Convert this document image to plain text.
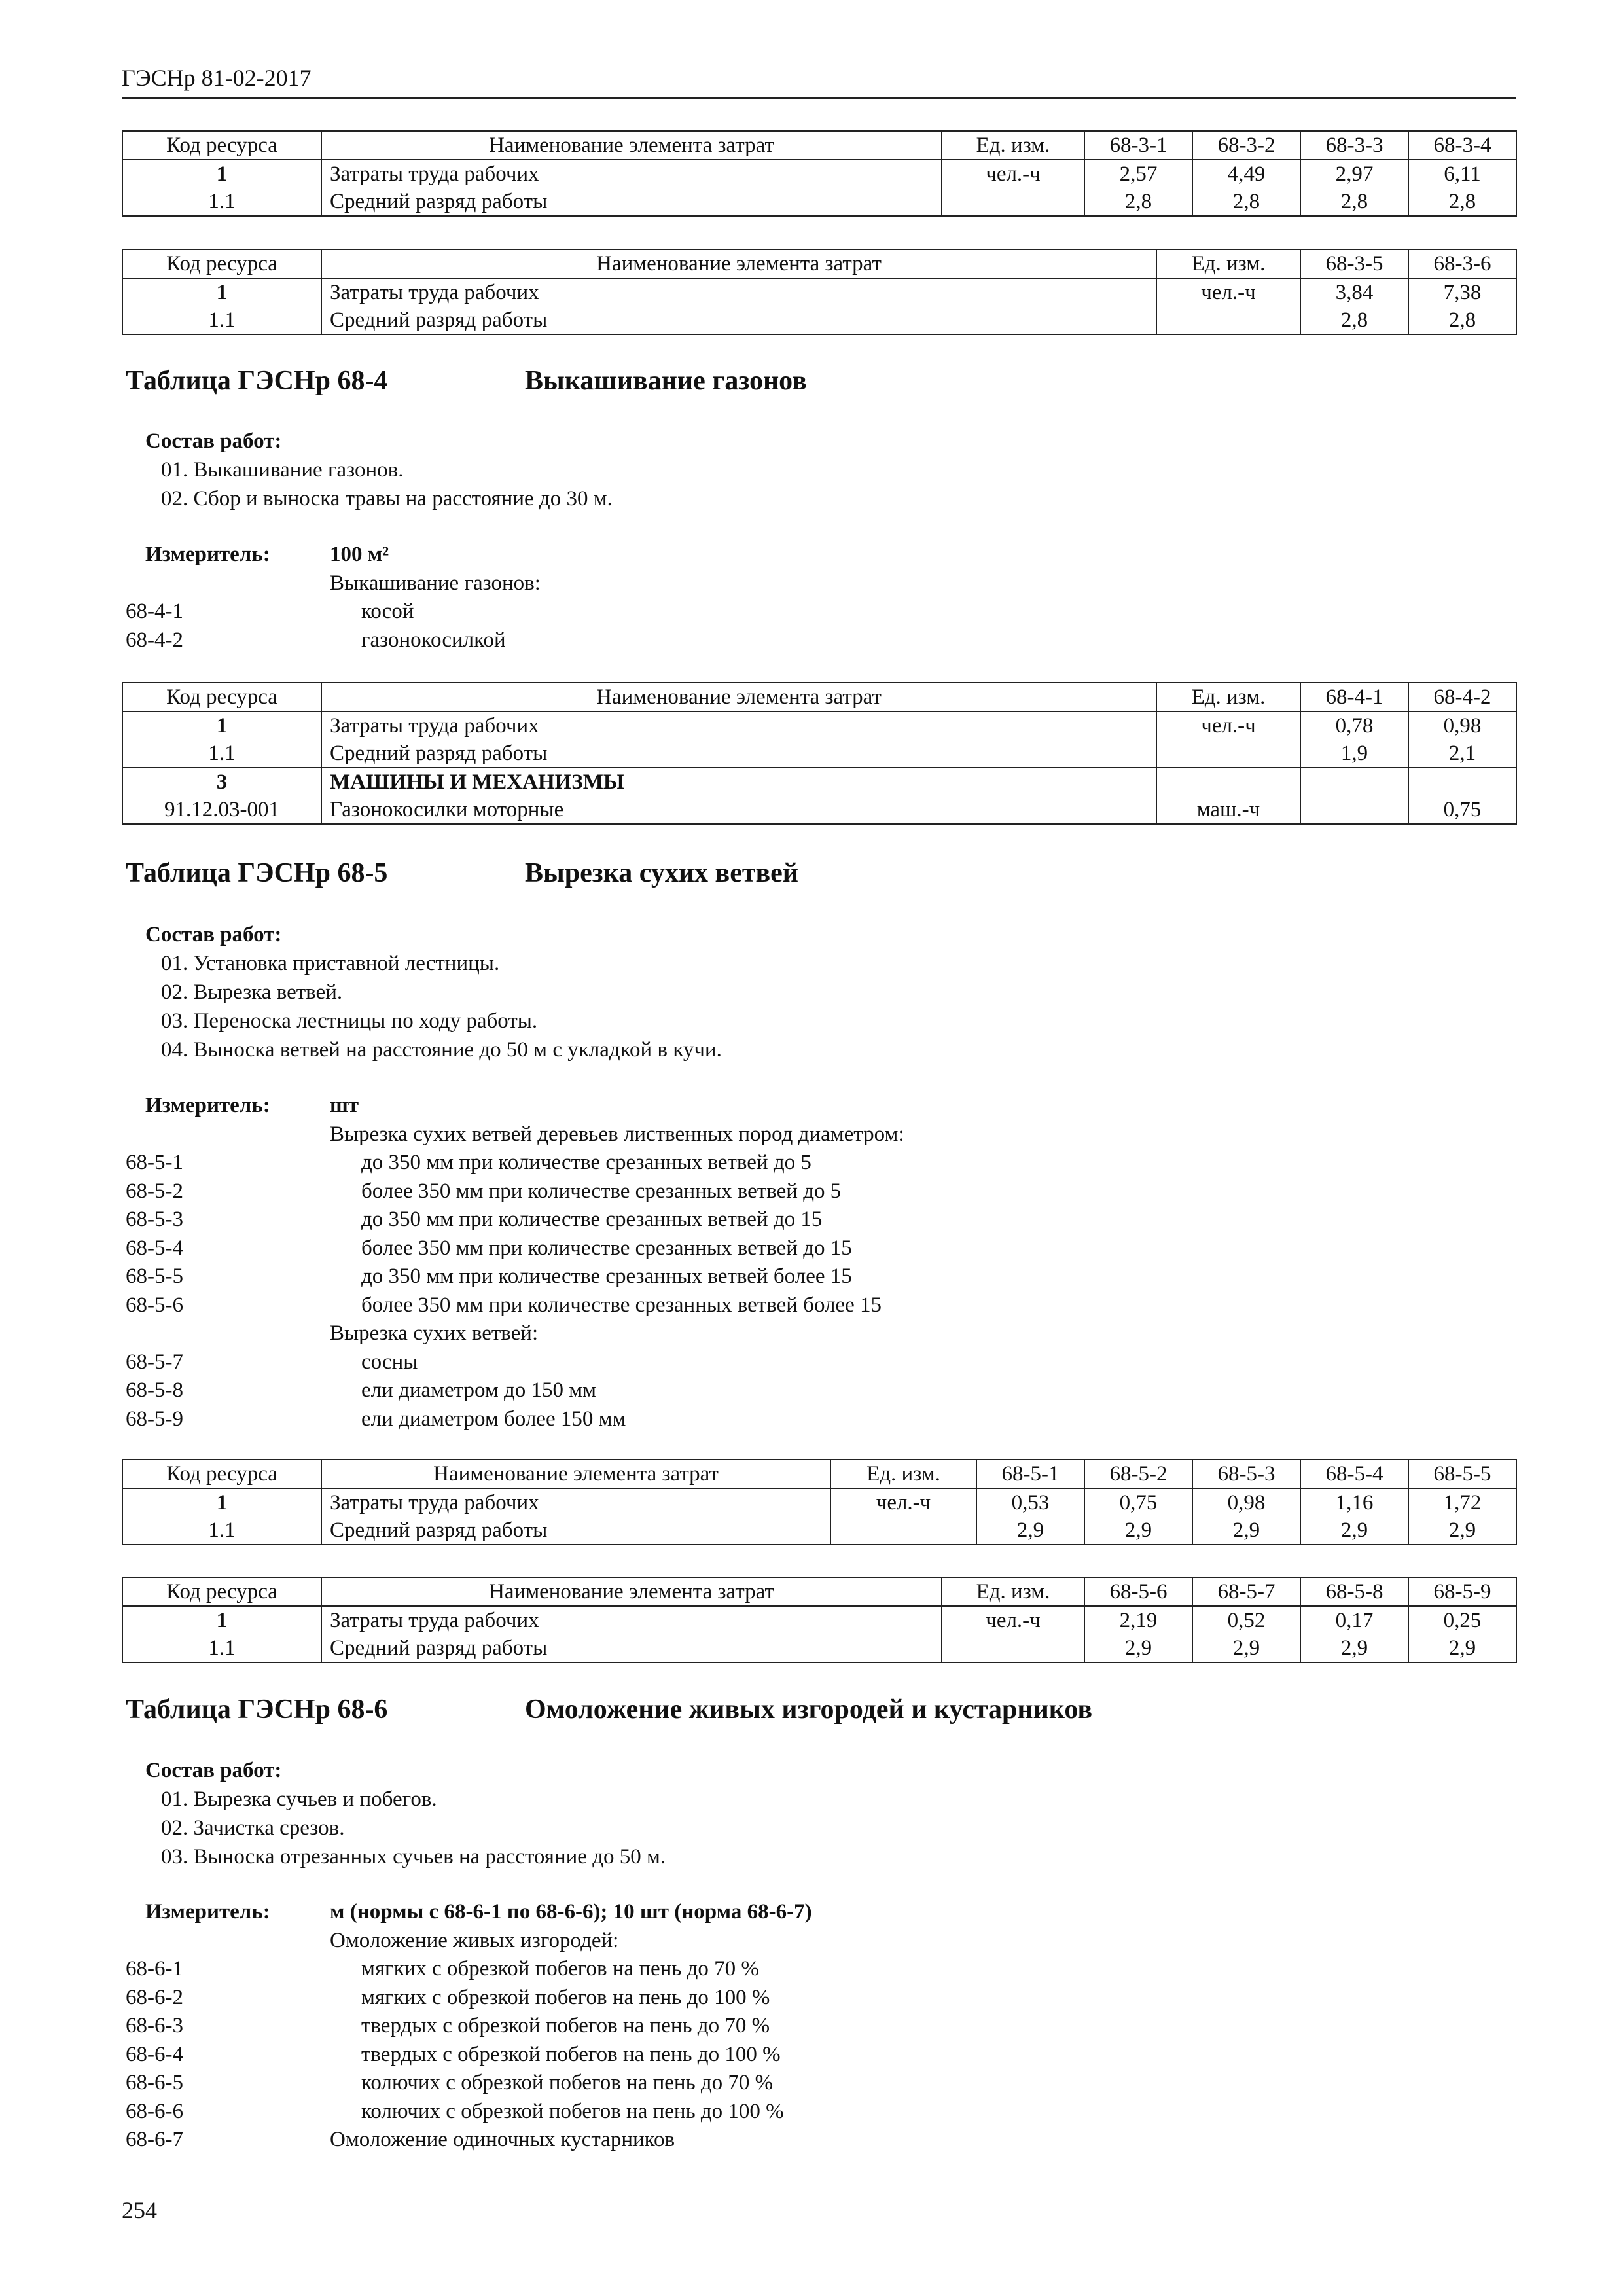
ГЭСНр 81-02-2017
Код ресурса	Наименование элемента затрат	Ед. изм.	68-3-1	68-3-2	68-3-3	68-3-4
1	Затраты труда рабочих	чел.-ч	2,57	4,49	2,97	6,11
1.1	Средний разряд работы		2,8	2,8	2,8	2,8
Код ресурса	Наименование элемента затрат	Ед. изм.	68-3-5	68-3-6
1	Затраты труда рабочих	чел.-ч	3,84	7,38
1.1	Средний разряд работы		2,8	2,8
Таблица ГЭСНр 68-4	Выкашивание газонов
Состав работ:
01. Выкашивание газонов.
02. Сбор и выноска травы на расстояние до 30 м.
Измеритель:	100 м²
Выкашивание газонов:
68-4-1	косой
68-4-2	газонокосилкой
Код ресурса	Наименование элемента затрат	Ед. изм.	68-4-1	68-4-2
1	Затраты труда рабочих	чел.-ч	0,78	0,98
1.1	Средний разряд работы		1,9	2,1
3	МАШИНЫ И МЕХАНИЗМЫ			
91.12.03-001	Газонокосилки моторные	маш.-ч		0,75
Таблица ГЭСНр 68-5	Вырезка сухих ветвей
Состав работ:
01. Установка приставной лестницы.
02. Вырезка ветвей.
03. Переноска лестницы по ходу работы.
04. Выноска ветвей на расстояние до 50 м с укладкой в кучи.
Измеритель:	шт
Вырезка сухих ветвей деревьев лиственных пород диаметром:
68-5-1	до 350 мм при количестве срезанных ветвей до 5
68-5-2	более 350 мм при количестве срезанных ветвей до 5
68-5-3	до 350 мм при количестве срезанных ветвей до 15
68-5-4	более 350 мм при количестве срезанных ветвей до 15
68-5-5	до 350 мм при количестве срезанных ветвей более 15
68-5-6	более 350 мм при количестве срезанных ветвей более 15
Вырезка сухих ветвей:
68-5-7	сосны
68-5-8	ели диаметром до 150 мм
68-5-9	ели диаметром более 150 мм
Код ресурса	Наименование элемента затрат	Ед. изм.	68-5-1	68-5-2	68-5-3	68-5-4	68-5-5
1	Затраты труда рабочих	чел.-ч	0,53	0,75	0,98	1,16	1,72
1.1	Средний разряд работы		2,9	2,9	2,9	2,9	2,9
Код ресурса	Наименование элемента затрат	Ед. изм.	68-5-6	68-5-7	68-5-8	68-5-9
1	Затраты труда рабочих	чел.-ч	2,19	0,52	0,17	0,25
1.1	Средний разряд работы		2,9	2,9	2,9	2,9
Таблица ГЭСНр 68-6	Омоложение живых изгородей и кустарников
Состав работ:
01. Вырезка сучьев и побегов.
02. Зачистка срезов.
03. Выноска отрезанных сучьев на расстояние до 50 м.
Измеритель:	м (нормы с 68-6-1 по 68-6-6); 10 шт (норма 68-6-7)
Омоложение живых изгородей:
68-6-1	мягких с обрезкой побегов на пень до 70 %
68-6-2	мягких с обрезкой побегов на пень до 100 %
68-6-3	твердых с обрезкой побегов на пень до 70 %
68-6-4	твердых с обрезкой побегов на пень до 100 %
68-6-5	колючих с обрезкой побегов на пень до 70 %
68-6-6	колючих с обрезкой побегов на пень до 100 %
68-6-7	Омоложение одиночных кустарников
254
